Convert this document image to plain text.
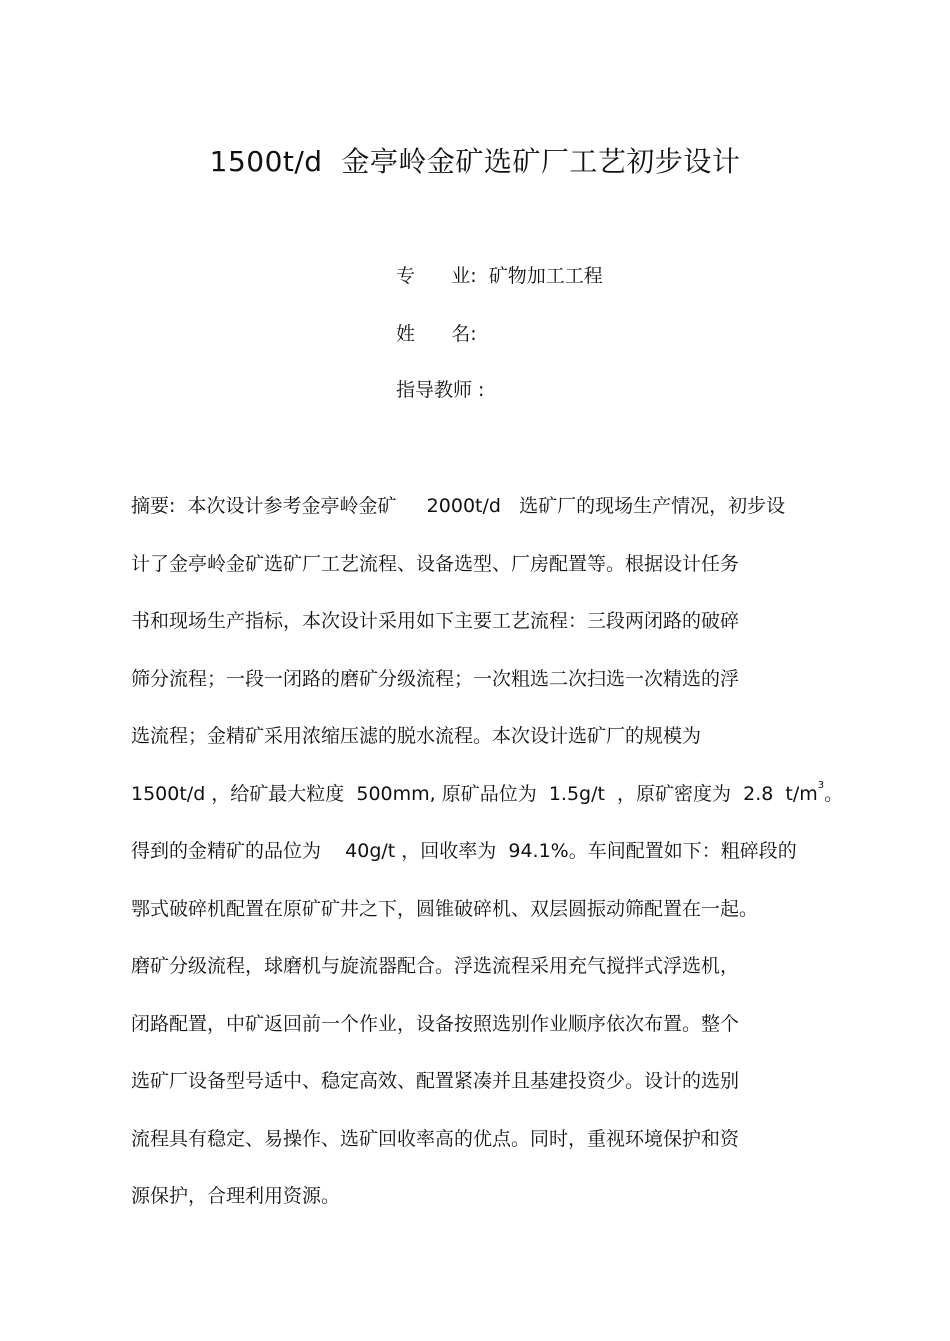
1500t/d  金亭岭金矿选矿厂工艺初步设计
专      业:  矿物加工工程
姓      名:
指导教师 :
摘要:  本次设计参考金亭岭金矿     2000t/d   选矿厂的现场生产情况，初步设
计了金亭岭金矿选矿厂工艺流程、设备选型、厂房配置等。根据设计任务
书和现场生产指标，本次设计采用如下主要工艺流程：三段两闭路的破碎
筛分流程；一段一闭路的磨矿分级流程；一次粗选二次扫选一次精选的浮
选流程；金精矿采用浓缩压滤的脱水流程。本次设计选矿厂的规模为
1500t/d ，给矿最大粒度  500mm, 原矿品位为  1.5g/t  ，原矿密度为  2.8  $t/m^3$。
得到的金精矿的品位为    40g/t ，回收率为  94.1%。车间配置如下：粗碎段的
鄂式破碎机配置在原矿矿井之下，圆锥破碎机、双层圆振动筛配置在一起。
磨矿分级流程，球磨机与旋流器配合。浮选流程采用充气搅拌式浮选机，
闭路配置，中矿返回前一个作业，设备按照选别作业顺序依次布置。整个
选矿厂设备型号适中、稳定高效、配置紧凑并且基建投资少。设计的选别
流程具有稳定、易操作、选矿回收率高的优点。同时，重视环境保护和资
源保护，合理利用资源。
